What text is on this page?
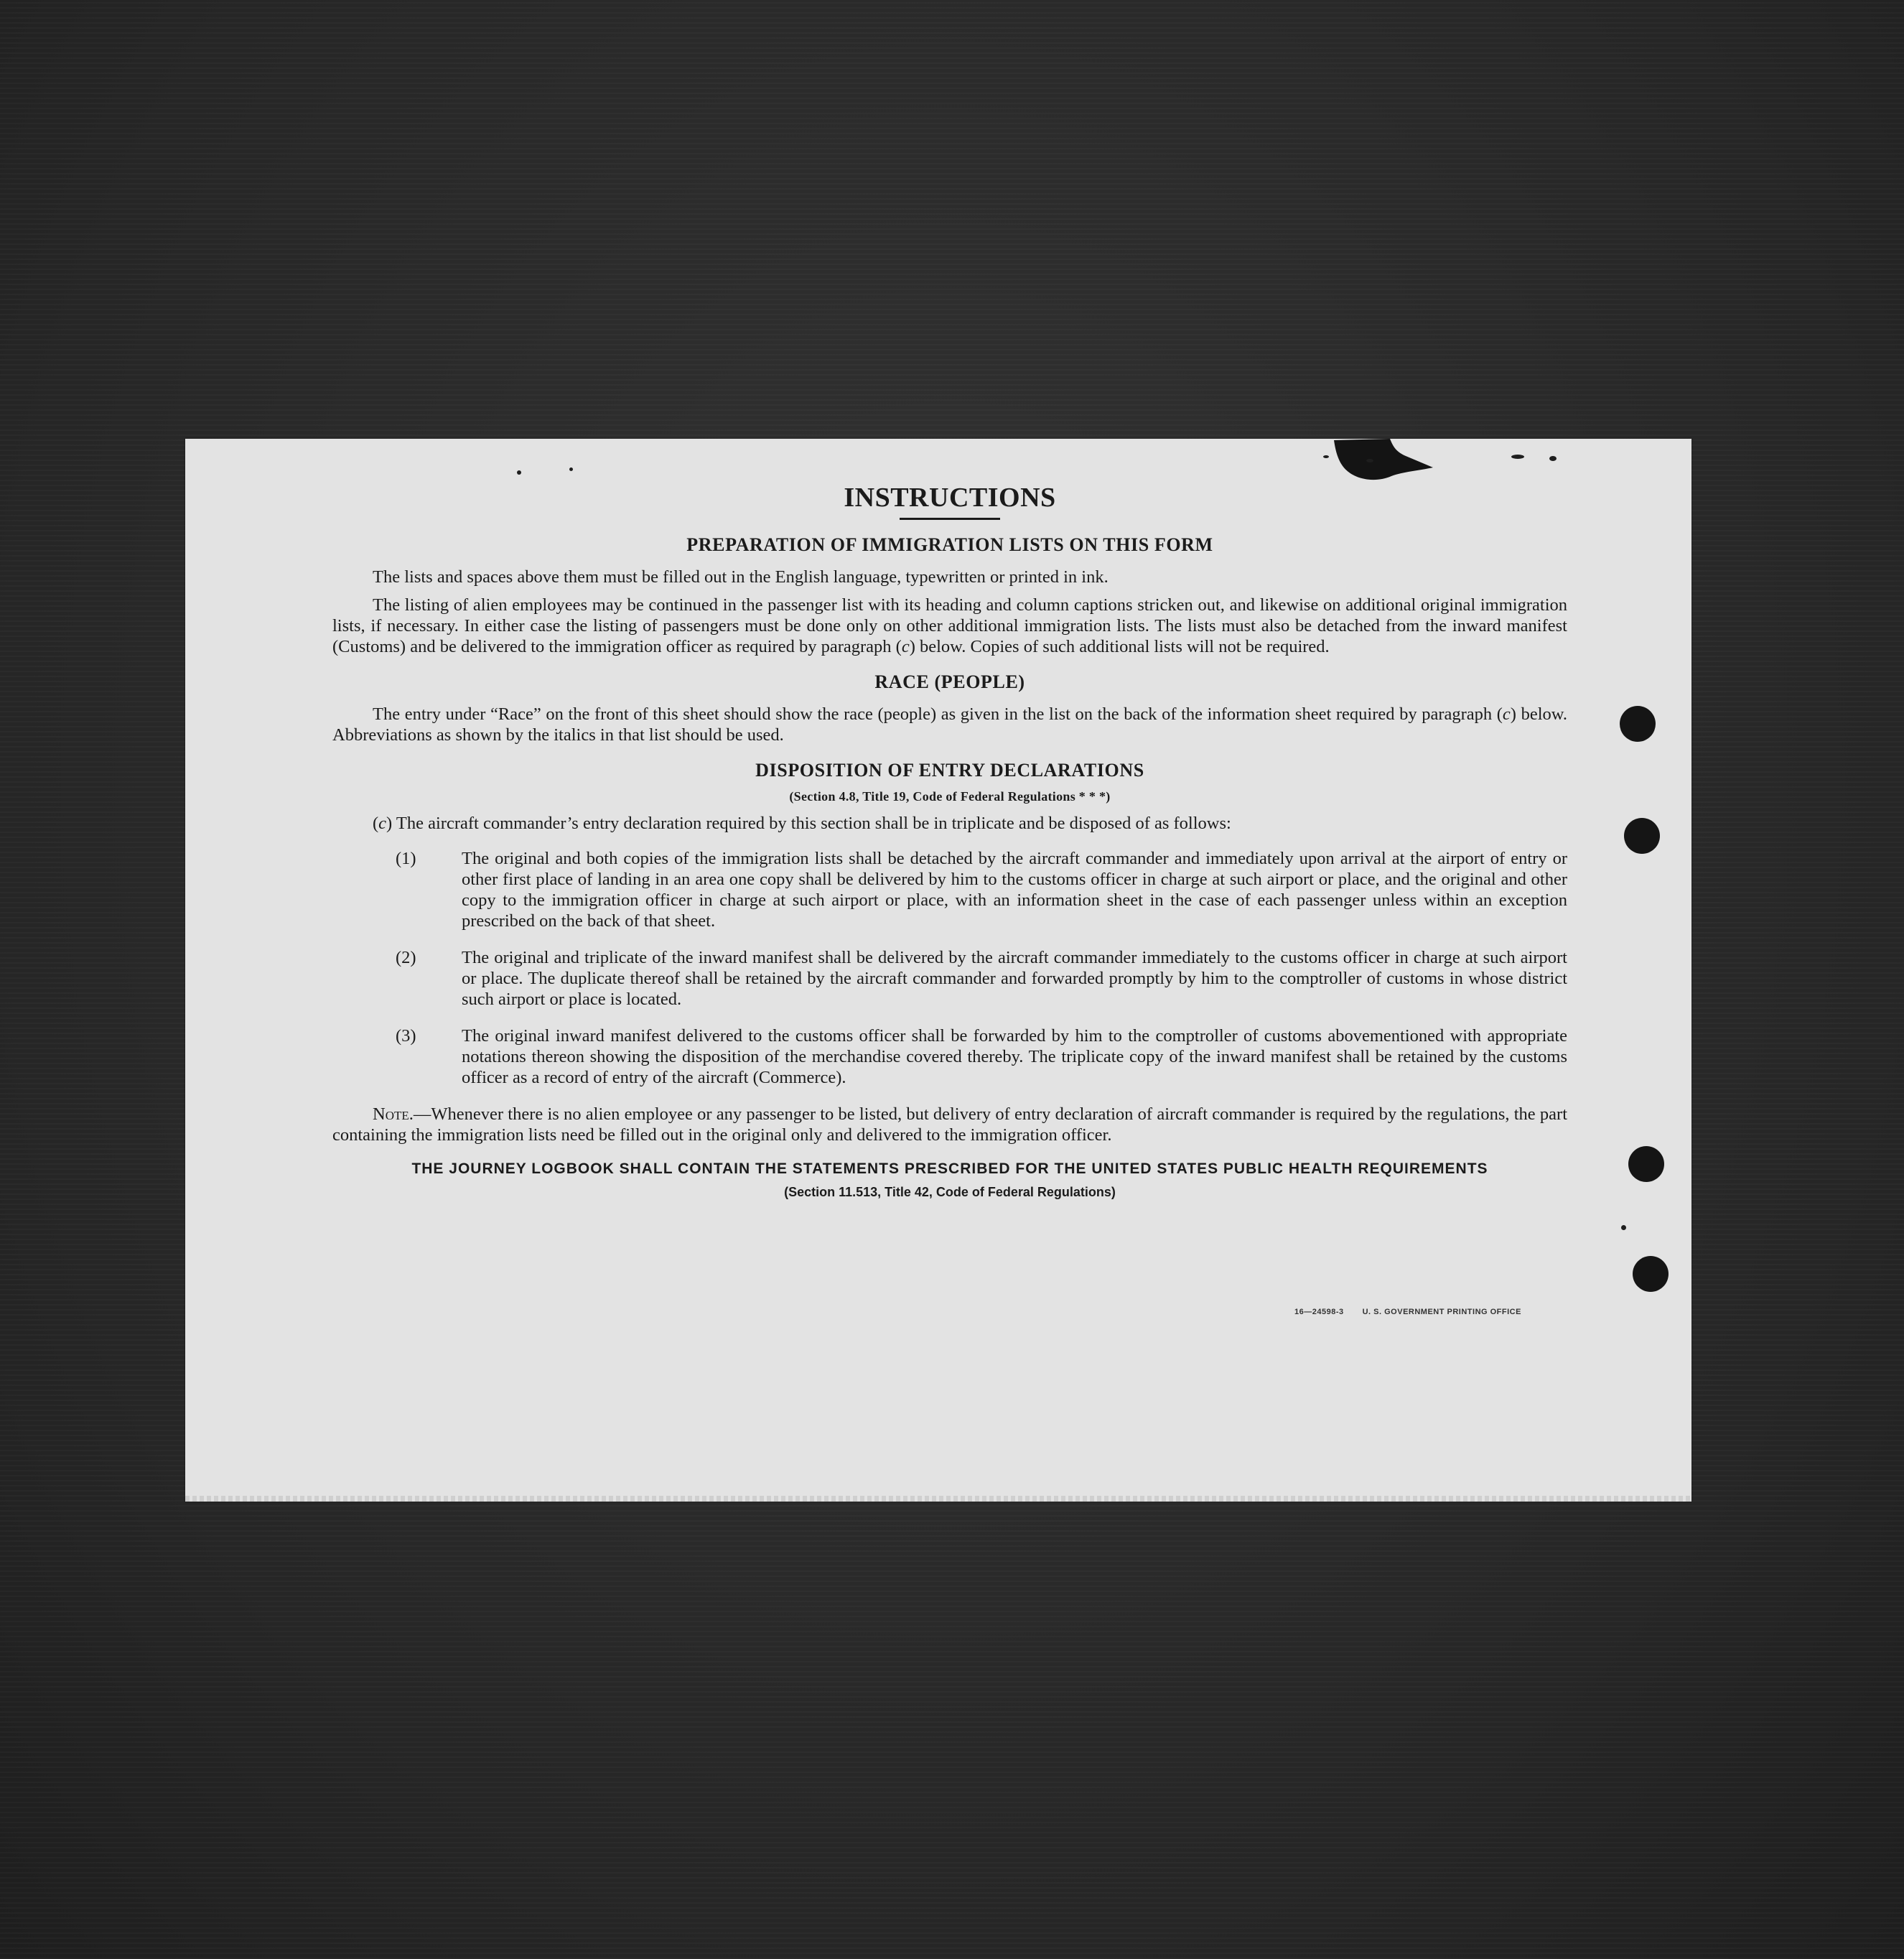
INSTRUCTIONS
PREPARATION OF IMMIGRATION LISTS ON THIS FORM

The lists and spaces above them must be filled out in the English language, typewritten or printed in ink.

The listing of alien employees may be continued in the passenger list with its heading and column captions stricken out, and likewise on additional original immigration lists, if necessary. In either case the listing of passengers must be done only on other additional immigration lists. The lists must also be detached from the inward manifest (Customs) and be delivered to the immigration officer as required by paragraph (c) below. Copies of such additional lists will not be required.

RACE (PEOPLE)

The entry under “Race” on the front of this sheet should show the race (people) as given in the list on the back of the information sheet required by paragraph (c) below. Abbreviations as shown by the italics in that list should be used.

DISPOSITION OF ENTRY DECLARATIONS
(Section 4.8, Title 19, Code of Federal Regulations * * *)

(c) The aircraft commander’s entry declaration required by this section shall be in triplicate and be disposed of as follows:

(1)	The original and both copies of the immigration lists shall be detached by the aircraft commander and immediately upon arrival at the airport of entry or other first place of landing in an area one copy shall be delivered by him to the customs officer in charge at such airport or place, and the original and other copy to the immigration officer in charge at such airport or place, with an information sheet in the case of each passenger unless within an exception prescribed on the back of that sheet.
(2)	The original and triplicate of the inward manifest shall be delivered by the aircraft commander immediately to the customs officer in charge at such airport or place. The duplicate thereof shall be retained by the aircraft commander and forwarded promptly by him to the comptroller of customs in whose district such airport or place is located.
(3)	The original inward manifest delivered to the customs officer shall be forwarded by him to the comptroller of customs abovementioned with appropriate notations thereon showing the disposition of the merchandise covered thereby. The triplicate copy of the inward manifest shall be retained by the customs officer as a record of entry of the aircraft (Commerce).

Note.—Whenever there is no alien employee or any passenger to be listed, but delivery of entry declaration of aircraft commander is required by the regulations, the part containing the immigration lists need be filled out in the original only and delivered to the immigration officer.

THE JOURNEY LOGBOOK SHALL CONTAIN THE STATEMENTS PRESCRIBED FOR THE UNITED STATES PUBLIC HEALTH REQUIREMENTS
(Section 11.513, Title 42, Code of Federal Regulations)
16—24598-3 U. S. GOVERNMENT PRINTING OFFICE
